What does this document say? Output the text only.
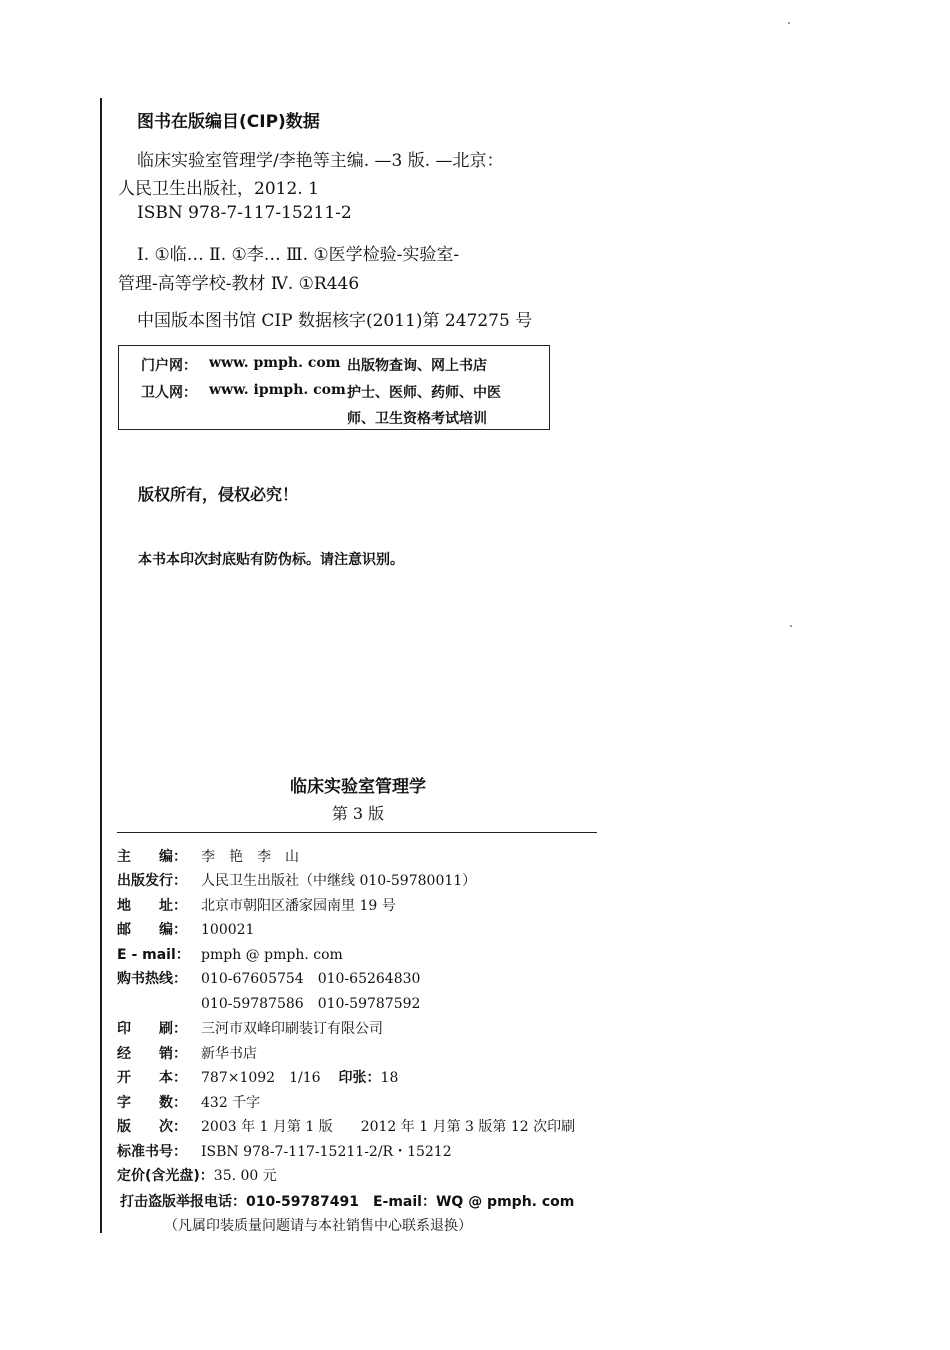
图书在版编目(CIP)数据
临床实验室管理学/李艳等主编. —3 版. —北京：
人民卫生出版社，2012. 1
ISBN 978-7-117-15211-2
Ⅰ. ①临… Ⅱ. ①李… Ⅲ. ①医学检验-实验室-
管理-高等学校-教材 Ⅳ. ①R446
中国版本图书馆 CIP 数据核字(2011)第 247275 号
门户网： www. pmph. com 出版物查询、网上书店
卫人网： www. ipmph. com 护士、医师、药师、中医
师、卫生资格考试培训
版权所有，侵权必究！
本书本印次封底贴有防伪标。请注意识别。
临床实验室管理学
第 3 版
主　　编： 李　艳　李　山
出版发行： 人民卫生出版社（中继线 010-59780011）
地　　址： 北京市朝阳区潘家园南里 19 号
邮　　编： 100021
E - mail： pmph @ pmph. com
购书热线： 010-67605754　010-65264830
010-59787586　010-59787592
印　　刷： 三河市双峰印刷装订有限公司
经　　销： 新华书店
开　　本： 787×1092　1/16 印张：18
字　　数： 432 千字
版　　次： 2003 年 1 月第 1 版　　2012 年 1 月第 3 版第 12 次印刷
标准书号： ISBN 978-7-117-15211-2/R・15212
定价(含光盘)：35. 00 元
打击盗版举报电话：010-59787491　E-mail：WQ @ pmph. com
（凡属印装质量问题请与本社销售中心联系退换）
